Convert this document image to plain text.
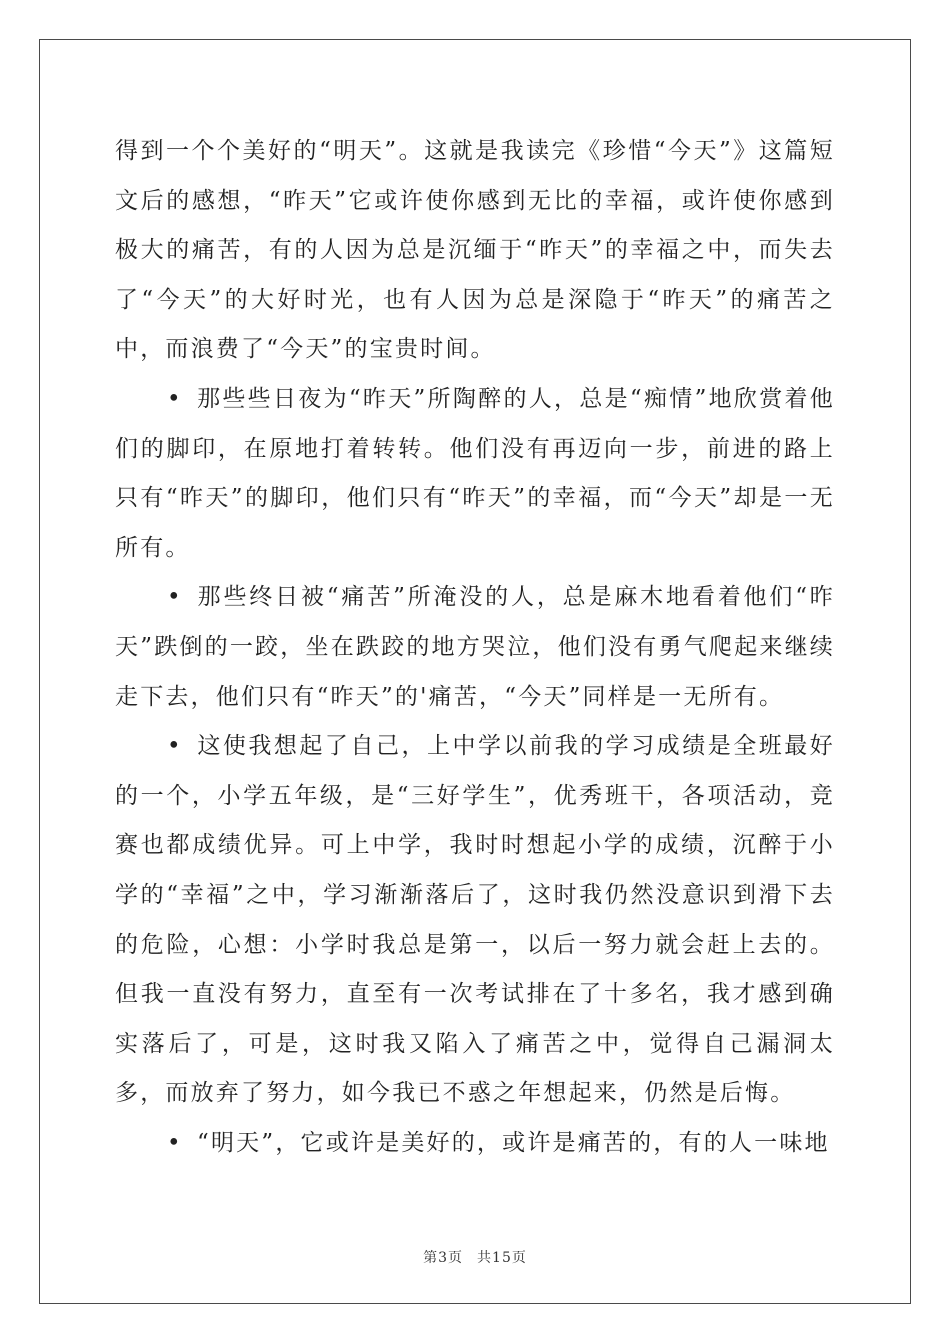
得到一个个美好的“明天”。这就是我读完《珍惜“今天”》这篇短文后的感想，“昨天”它或许使你感到无比的幸福，或许使你感到极大的痛苦，有的人因为总是沉缅于“昨天”的幸福之中，而失去了“今天”的大好时光，也有人因为总是深隐于“昨天”的痛苦之中，而浪费了“今天”的宝贵时间。

• 那些些日夜为“昨天”所陶醉的人，总是“痴情”地欣赏着他们的脚印，在原地打着转转。他们没有再迈向一步，前进的路上只有“昨天”的脚印，他们只有“昨天”的幸福，而“今天”却是一无所有。

• 那些终日被“痛苦”所淹没的人，总是麻木地看着他们“昨天”跌倒的一跤，坐在跌跤的地方哭泣，他们没有勇气爬起来继续走下去，他们只有“昨天”的'痛苦，“今天”同样是一无所有。

• 这使我想起了自己，上中学以前我的学习成绩是全班最好的一个，小学五年级，是“三好学生”，优秀班干，各项活动，竞赛也都成绩优异。可上中学，我时时想起小学的成绩，沉醉于小学的“幸福”之中，学习渐渐落后了，这时我仍然没意识到滑下去的危险，心想：小学时我总是第一，以后一努力就会赶上去的。但我一直没有努力，直至有一次考试排在了十多名，我才感到确实落后了，可是，这时我又陷入了痛苦之中，觉得自己漏洞太多，而放弃了努力，如今我已不惑之年想起来，仍然是后悔。

• “明天”，它或许是美好的，或许是痛苦的，有的人一味地

第3页 共15页
